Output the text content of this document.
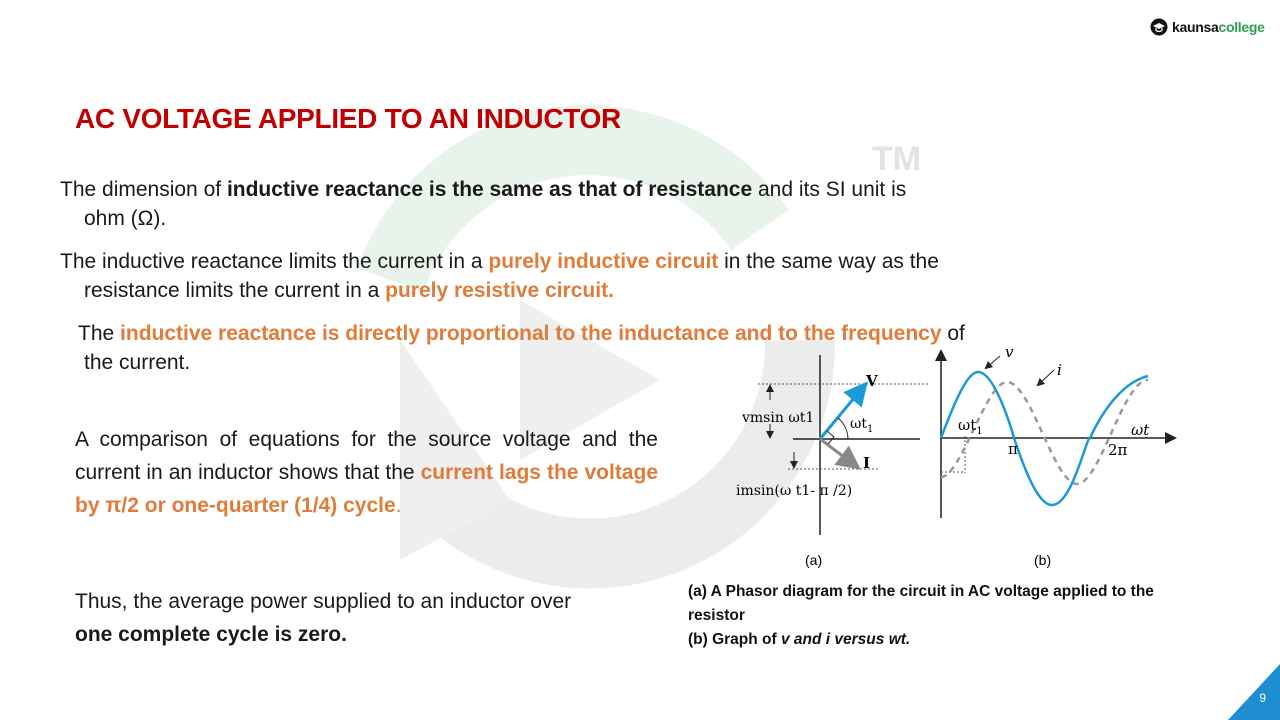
TM
kaunsacollege
AC VOLTAGE APPLIED TO AN INDUCTOR
The dimension of inductive reactance is the same as that of resistance and its SI unit is
ohm (Ω).
The inductive reactance limits the current in a purely inductive circuit in the same way as the
resistance limits the current in a purely resistive circuit.
The inductive reactance is directly proportional to the inductance and to the frequency of
the current.
A comparison of equations for the source voltage and the current in an inductor shows that the current lags the voltage by π/2 or one-quarter (1/4) cycle.
Thus, the average power supplied to an inductor over
one complete cycle is zero.
V
I
$\omega t_1$
vmsin ωt1
imsin(ω t1- π /2)
(a)
v
i
$\omega t_1$
π	2π
ωt
(b)
(a) A Phasor diagram for the circuit in AC voltage applied to the resistor
(b) Graph of v and i versus wt.
9
